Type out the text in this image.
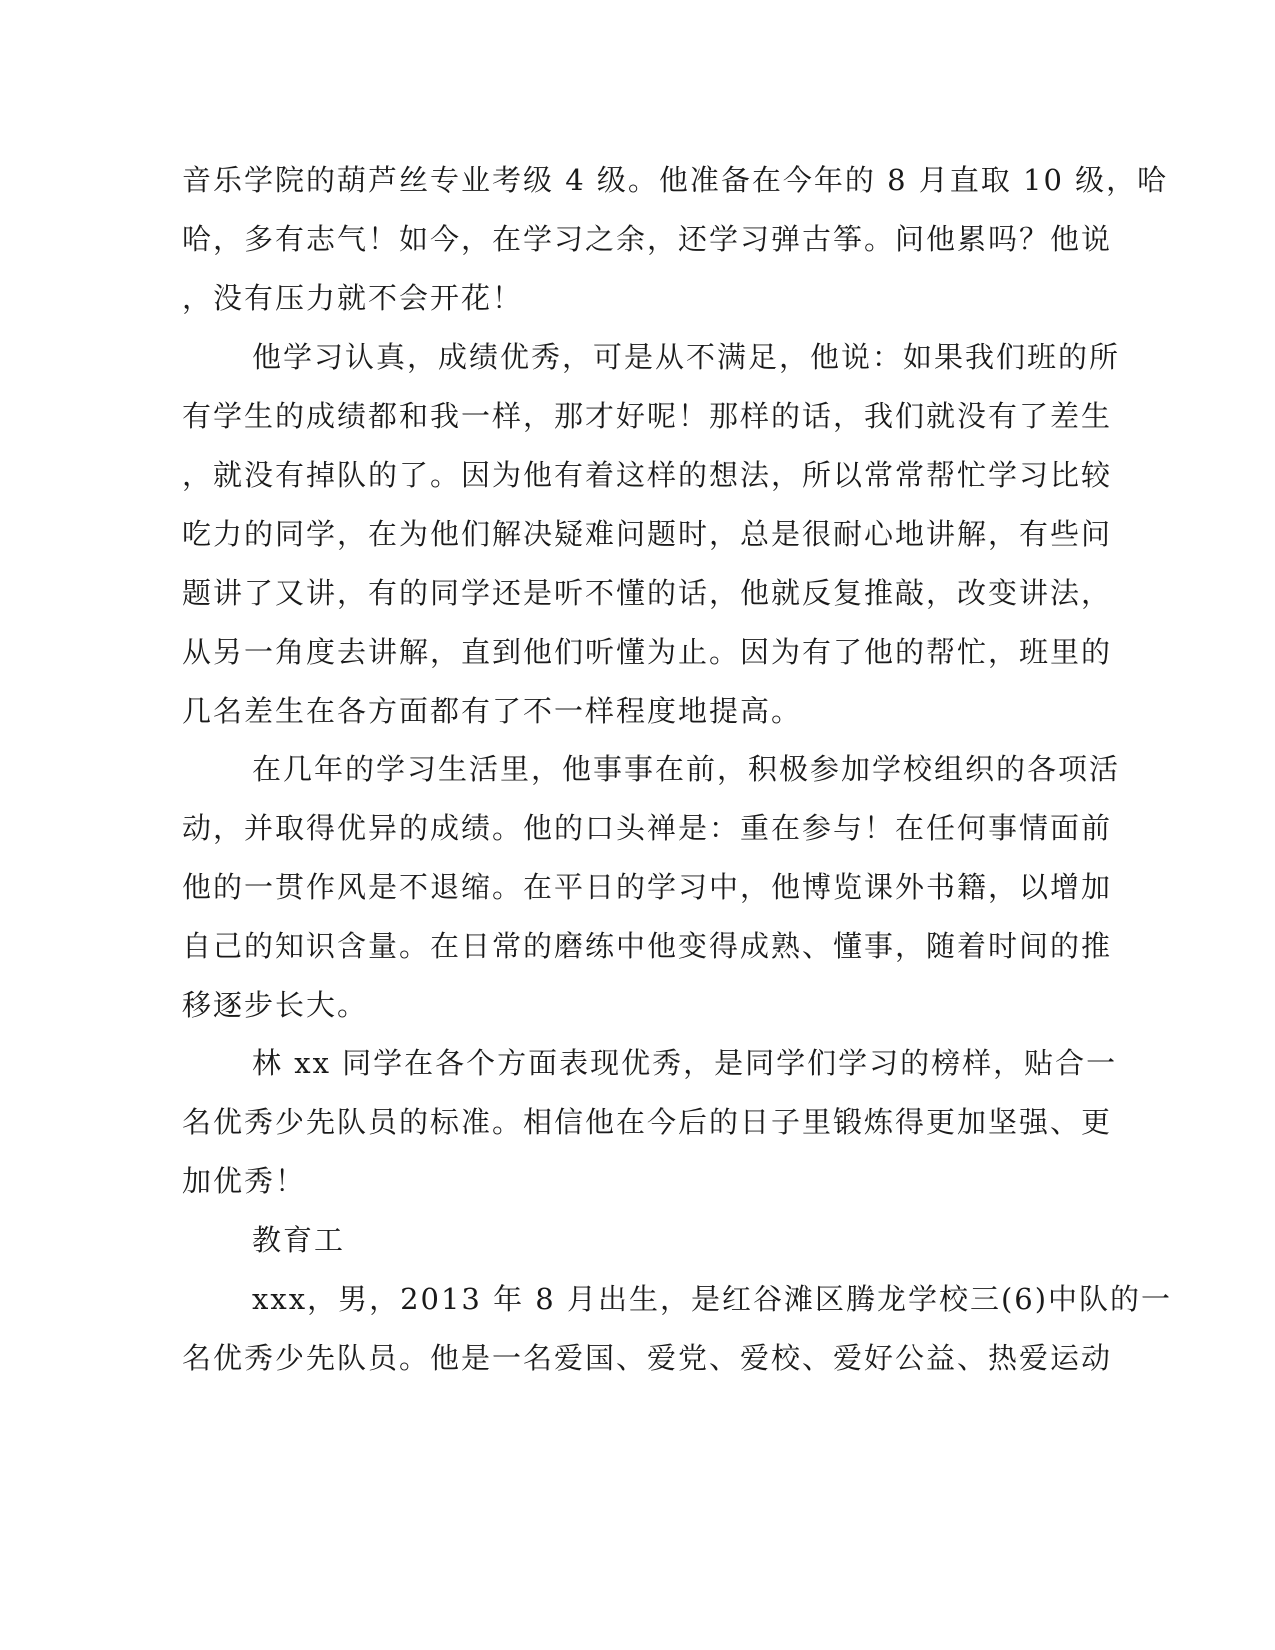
音乐学院的葫芦丝专业考级 4 级。他准备在今年的 8 月直取 10 级，哈
哈，多有志气！如今，在学习之余，还学习弹古筝。问他累吗？他说
，没有压力就不会开花！
他学习认真，成绩优秀，可是从不满足，他说：如果我们班的所
有学生的成绩都和我一样，那才好呢！那样的话，我们就没有了差生
，就没有掉队的了。因为他有着这样的想法，所以常常帮忙学习比较
吃力的同学，在为他们解决疑难问题时，总是很耐心地讲解，有些问
题讲了又讲，有的同学还是听不懂的话，他就反复推敲，改变讲法，
从另一角度去讲解，直到他们听懂为止。因为有了他的帮忙，班里的
几名差生在各方面都有了不一样程度地提高。
在几年的学习生活里，他事事在前，积极参加学校组织的各项活
动，并取得优异的成绩。他的口头禅是：重在参与！在任何事情面前
他的一贯作风是不退缩。在平日的学习中，他博览课外书籍，以增加
自己的知识含量。在日常的磨练中他变得成熟、懂事，随着时间的推
移逐步长大。
林 xx 同学在各个方面表现优秀，是同学们学习的榜样，贴合一
名优秀少先队员的标准。相信他在今后的日子里锻炼得更加坚强、更
加优秀！
教育工
xxx，男，2013 年 8 月出生，是红谷滩区腾龙学校三(6)中队的一
名优秀少先队员。他是一名爱国、爱党、爱校、爱好公益、热爱运动
